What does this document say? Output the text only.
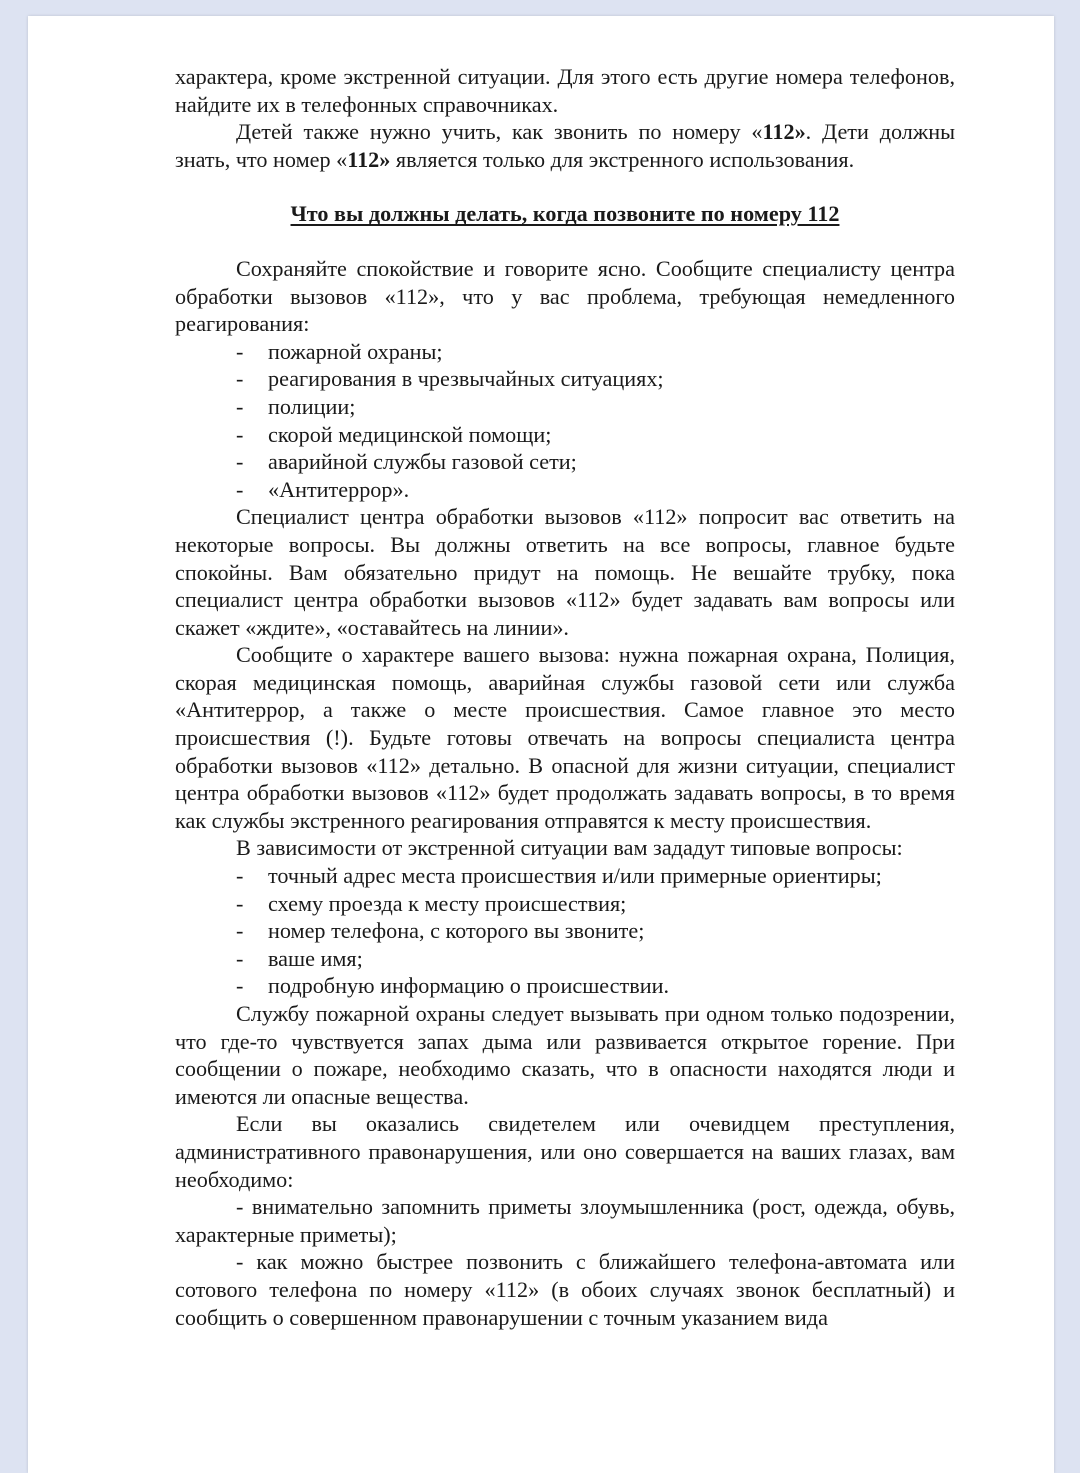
характера, кроме экстренной ситуации. Для этого есть другие номера телефонов, найдите их в телефонных справочниках.

Детей также нужно учить, как звонить по номеру «112». Дети должны знать, что номер «112» является только для экстренного использования.

Что вы должны делать, когда позвоните по номеру 112

Сохраняйте спокойствие и говорите ясно. Сообщите специалисту центра обработки вызовов «112», что у вас проблема, требующая немедленного реагирования:

- пожарной охраны;
- реагирования в чрезвычайных ситуациях;
- полиции;
- скорой медицинской помощи;
- аварийной службы газовой сети;
- «Антитеррор».

Специалист центра обработки вызовов «112» попросит вас ответить на некоторые вопросы. Вы должны ответить на все вопросы, главное будьте спокойны. Вам обязательно придут на помощь. Не вешайте трубку, пока специалист центра обработки вызовов «112» будет задавать вам вопросы или скажет «ждите», «оставайтесь на линии».

Сообщите о характере вашего вызова: нужна пожарная охрана, Полиция, скорая медицинская помощь, аварийная службы газовой сети или служба «Антитеррор, а также о месте происшествия. Самое главное это место происшествия (!). Будьте готовы отвечать на вопросы специалиста центра обработки вызовов «112» детально. В опасной для жизни ситуации, специалист центра обработки вызовов «112» будет продолжать задавать вопросы, в то время как службы экстренного реагирования отправятся к месту происшествия.

В зависимости от экстренной ситуации вам зададут типовые вопросы:

- точный адрес места происшествия и/или примерные ориентиры;
- схему проезда к месту происшествия;
- номер телефона, с которого вы звоните;
- ваше имя;
- подробную информацию о происшествии.

Службу пожарной охраны следует вызывать при одном только подозрении, что где-то чувствуется запах дыма или развивается открытое горение. При сообщении о пожаре, необходимо сказать, что в опасности находятся люди и имеются ли опасные вещества.

Если вы оказались свидетелем или очевидцем преступления, административного правонарушения, или оно совершается на ваших глазах, вам необходимо:

- внимательно запомнить приметы злоумышленника (рост, одежда, обувь, характерные приметы);

- как можно быстрее позвонить с ближайшего телефона-автомата или сотового телефона по номеру «112» (в обоих случаях звонок бесплатный) и сообщить о совершенном правонарушении с точным указанием вида
